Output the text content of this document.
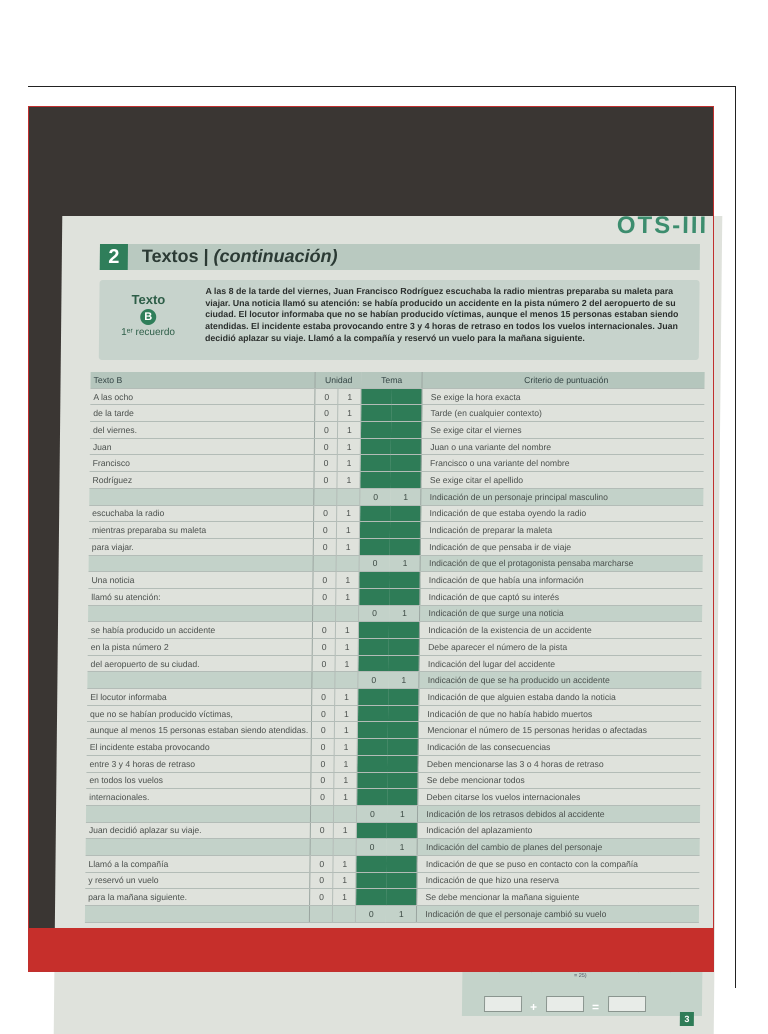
OTS-III
2	Textos | (continuación)
Texto
B
1ᵉʳ recuerdo
A las 8 de la tarde del viernes, Juan Francisco Rodríguez escuchaba la radio mientras preparaba su maleta para viajar. Una noticia llamó su atención: se había producido un accidente en la pista número 2 del aeropuerto de su ciudad. El locutor informaba que no se habían producido víctimas, aunque el menos 15 personas estaban siendo atendidas. El incidente estaba provocando entre 3 y 4 horas de retraso en todos los vuelos internacionales. Juan decidió aplazar su viaje. Llamó a la compañía y reservó un vuelo para la mañana siguiente.
Texto B	Unidad		Tema		Criterio de puntuación
A las ocho	0	1			Se exige la hora exacta
de la tarde	0	1			Tarde (en cualquier contexto)
del viernes.	0	1			Se exige citar el viernes
Juan	0	1			Juan o una variante del nombre
Francisco	0	1			Francisco o una variante del nombre
Rodríguez	0	1			Se exige citar el apellido
			0	1	Indicación de un personaje principal masculino
escuchaba la radio	0	1			Indicación de que estaba oyendo la radio
mientras preparaba su maleta	0	1			Indicación de preparar la maleta
para viajar.	0	1			Indicación de que pensaba ir de viaje
			0	1	Indicación de que el protagonista pensaba marcharse
Una noticia	0	1			Indicación de que había una información
llamó su atención:	0	1			Indicación de que captó su interés
			0	1	Indicación de que surge una noticia
se había producido un accidente	0	1			Indicación de la existencia de un accidente
en la pista número 2	0	1			Debe aparecer el número de la pista
del aeropuerto de su ciudad.	0	1			Indicación del lugar del accidente
			0	1	Indicación de que se ha producido un accidente
El locutor informaba	0	1			Indicación de que alguien estaba dando la noticia
que no se habían producido víctimas,	0	1			Indicación de que no había habido muertos
aunque al menos 15 personas estaban siendo atendidas.	0	1			Mencionar el número de 15 personas heridas o afectadas
El incidente estaba provocando	0	1			Indicación de las consecuencias
entre 3 y 4 horas de retraso	0	1			Deben mencionarse las 3 o 4 horas de retraso
en todos los vuelos	0	1			Se debe mencionar todos
internacionales.	0	1			Deben citarse los vuelos internacionales
			0	1	Indicación de los retrasos debidos al accidente
Juan decidió aplazar su viaje.	0	1			Indicación del aplazamiento
			0	1	Indicación del cambio de planes del personaje
Llamó a la compañía	0	1			Indicación de que se puso en contacto con la compañía
y reservó un vuelo	0	1			Indicación de que hizo una reserva
para la mañana siguiente.	0	1			Se debe mencionar la mañana siguiente
			0	1	Indicación de que el personaje cambió su vuelo
= 25)
+	=
3
